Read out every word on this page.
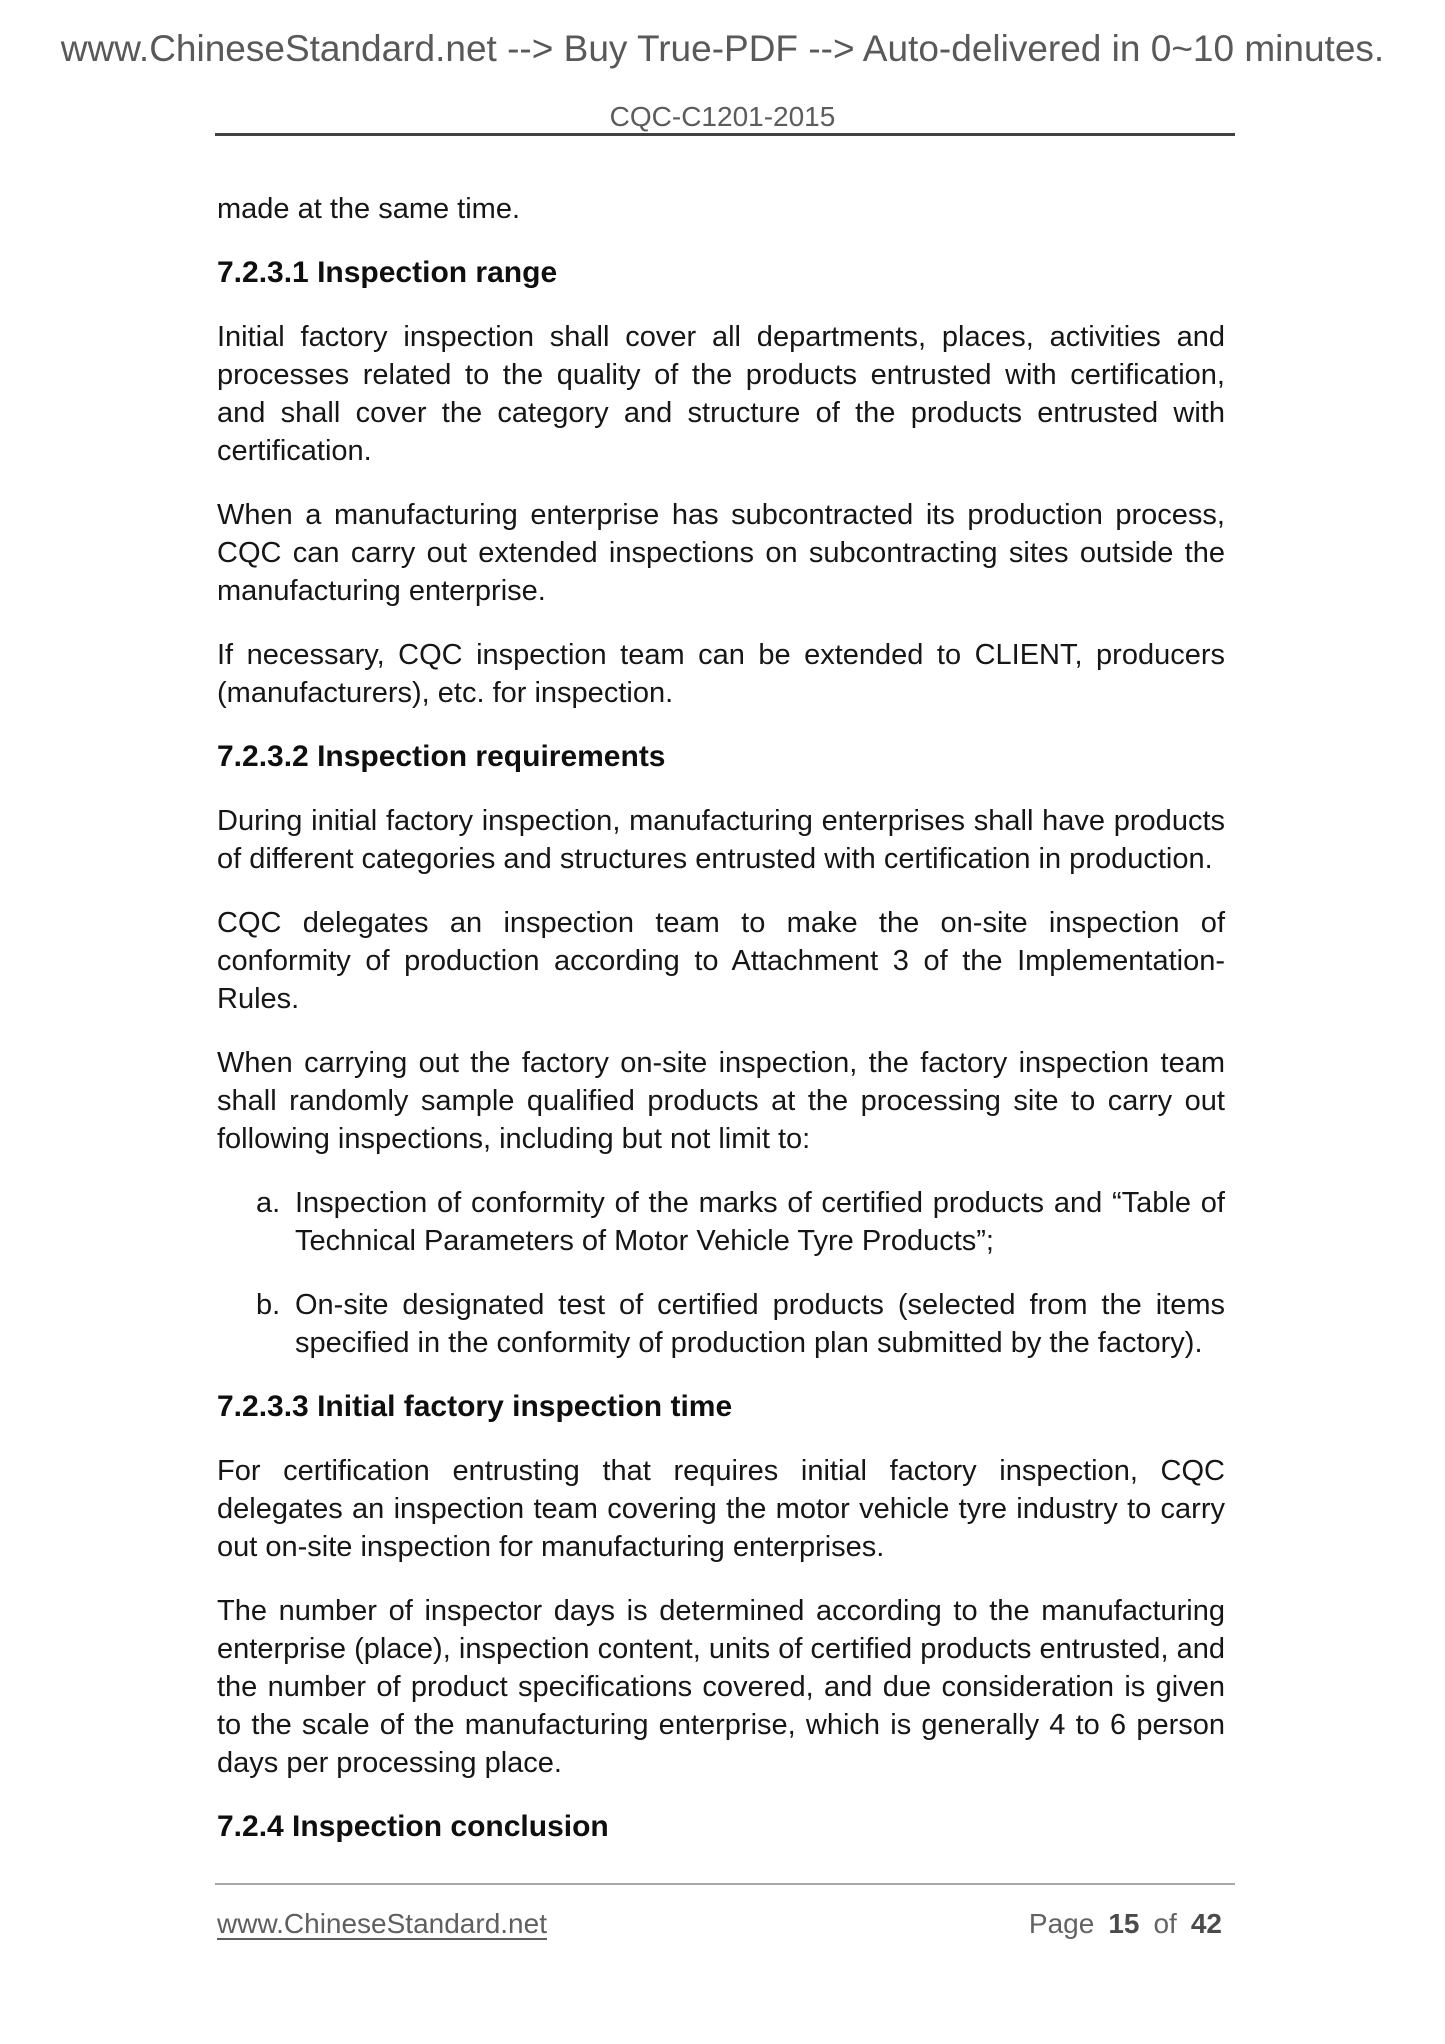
www.ChineseStandard.net --> Buy True-PDF --> Auto-delivered in 0~10 minutes.
CQC-C1201-2015

made at the same time.

7.2.3.1 Inspection range

Initial factory inspection shall cover all departments, places, activities and processes related to the quality of the products entrusted with certification, and shall cover the category and structure of the products entrusted with certification.

When a manufacturing enterprise has subcontracted its production process, CQC can carry out extended inspections on subcontracting sites outside the manufacturing enterprise.

If necessary, CQC inspection team can be extended to CLIENT, producers (manufacturers), etc. for inspection.

7.2.3.2 Inspection requirements

During initial factory inspection, manufacturing enterprises shall have products of different categories and structures entrusted with certification in production.

CQC delegates an inspection team to make the on-site inspection of conformity of production according to Attachment 3 of the Implementation-Rules.

When carrying out the factory on-site inspection, the factory inspection team shall randomly sample qualified products at the processing site to carry out following inspections, including but not limit to:

a. Inspection of conformity of the marks of certified products and “Table of Technical Parameters of Motor Vehicle Tyre Products”;
b. On-site designated test of certified products (selected from the items specified in the conformity of production plan submitted by the factory).
7.2.3.3 Initial factory inspection time

For certification entrusting that requires initial factory inspection, CQC delegates an inspection team covering the motor vehicle tyre industry to carry out on-site inspection for manufacturing enterprises.

The number of inspector days is determined according to the manufacturing enterprise (place), inspection content, units of certified products entrusted, and the number of product specifications covered, and due consideration is given to the scale of the manufacturing enterprise, which is generally 4 to 6 person days per processing place.

7.2.4 Inspection conclusion
www.ChineseStandard.net	Page 15 of 42
